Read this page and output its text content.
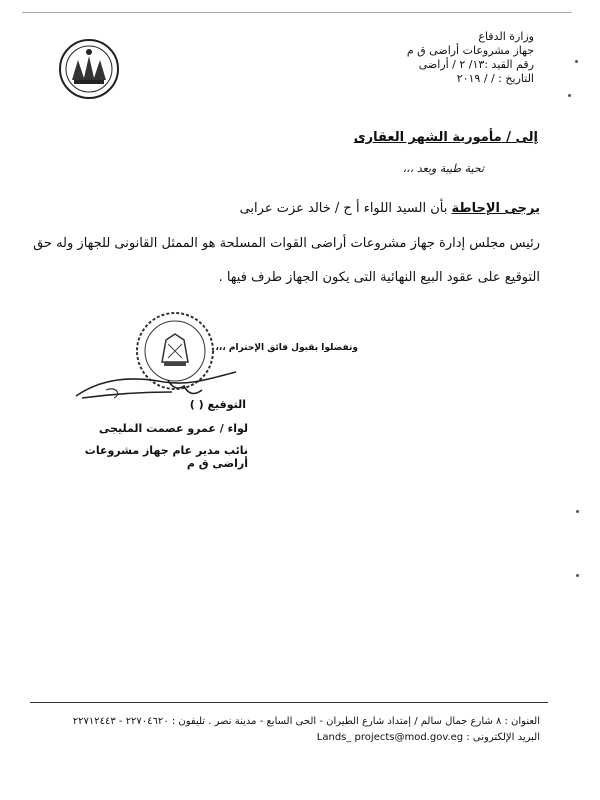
وزارة الدفاع
جهاز مشروعات أراضى ق م
رقم القيد :١٣/ ٢ / أراضى
التاريخ : / / ٢٠١٩
إلى / مأمورية الشهر العقارى
تحية طيبة وبعد ،،،
يرجى الإحاطة بأن السيد اللواء أ ح / خالد عزت عرابى
رئيس مجلس إدارة جهاز مشروعات أراضى القوات المسلحة هو الممثل القانونى للجهاز وله حق
التوقيع على عقود البيع النهائية التى يكون الجهاز طرف فيها .
وتفضلوا بقبول فائق الإحترام ،،،
التوقيع ( )
لواء / عمرو عصمت المليجى
نائب مدير عام جهاز مشروعات أراضى ق م
العنوان : ٨ شارع جمال سالم / إمتداد شارع الطيران - الحى السابع - مدينة نصر . تليفون : ٢٢٧٠٤٦٢٠ - ٢٢٧١٢٤٤٣
البريد الإلكترونى : Lands_ projects@mod.gov.eg
